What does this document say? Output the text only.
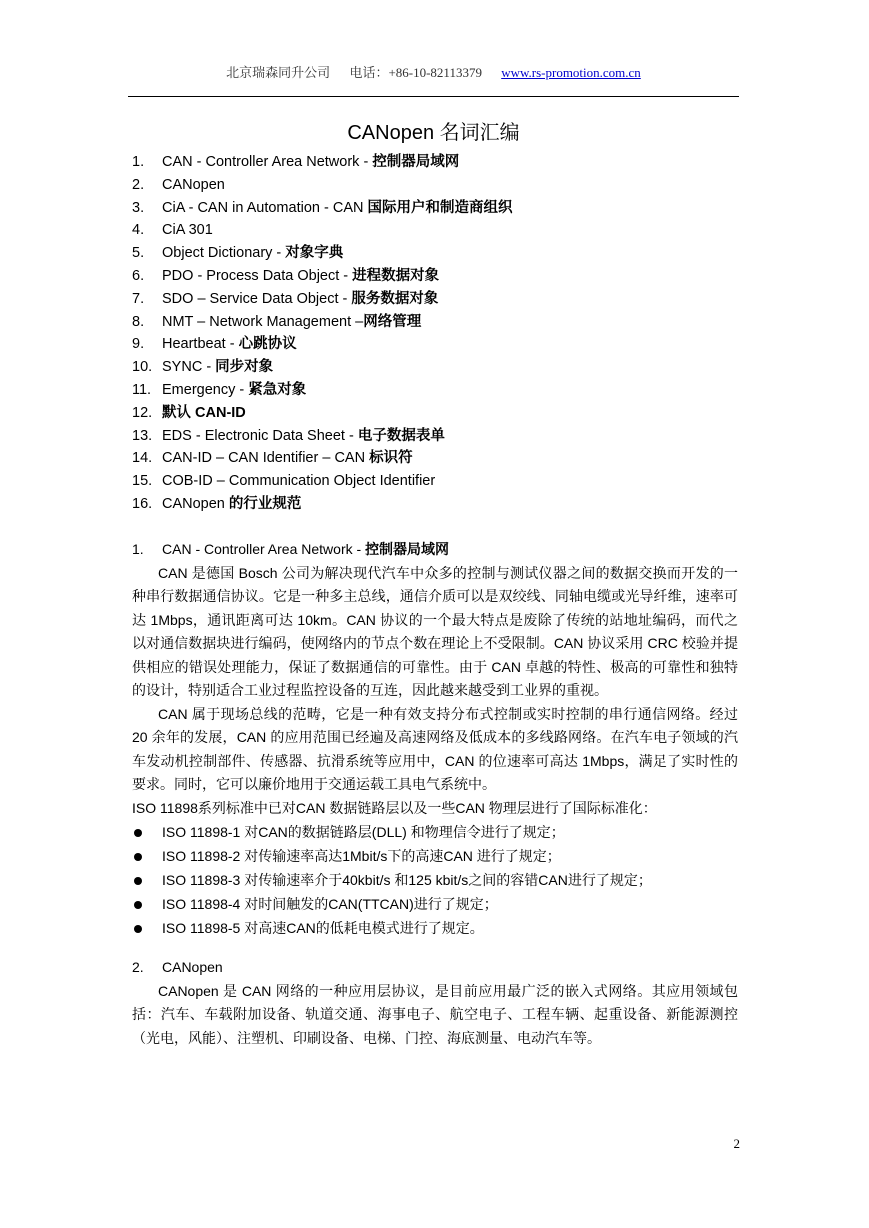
北京瑞森同升公司 电话：+86-10-82113379 www.rs-promotion.com.cn
CANopen 名词汇编
1. CAN - Controller Area Network - 控制器局域网
2. CANopen
3. CiA - CAN in Automation - CAN 国际用户和制造商组织
4. CiA 301
5. Object Dictionary - 对象字典
6. PDO - Process Data Object - 进程数据对象
7. SDO – Service Data Object - 服务数据对象
8. NMT – Network Management –网络管理
9. Heartbeat - 心跳协议
10. SYNC - 同步对象
11. Emergency - 紧急对象
12. 默认 CAN-ID
13. EDS - Electronic Data Sheet - 电子数据表单
14. CAN-ID – CAN Identifier – CAN 标识符
15. COB-ID – Communication Object Identifier
16. CANopen 的行业规范
1. CAN - Controller Area Network - 控制器局域网

CAN 是德国 Bosch 公司为解决现代汽车中众多的控制与测试仪器之间的数据交换而开发的一种串行数据通信协议。它是一种多主总线，通信介质可以是双绞线、同轴电缆或光导纤维，速率可达 1Mbps，通讯距离可达 10km。CAN 协议的一个最大特点是废除了传统的站地址编码，而代之以对通信数据块进行编码，使网络内的节点个数在理论上不受限制。CAN 协议采用 CRC 校验并提供相应的错误处理能力，保证了数据通信的可靠性。由于 CAN 卓越的特性、极高的可靠性和独特的设计，特别适合工业过程监控设备的互连，因此越来越受到工业界的重视。

CAN 属于现场总线的范畴，它是一种有效支持分布式控制或实时控制的串行通信网络。经过 20 余年的发展，CAN 的应用范围已经遍及高速网络及低成本的多线路网络。在汽车电子领域的汽车发动机控制部件、传感器、抗滑系统等应用中，CAN 的位速率可高达 1Mbps，满足了实时性的要求。同时，它可以廉价地用于交通运载工具电气系统中。

ISO 11898系列标准中已对CAN 数据链路层以及一些CAN 物理层进行了国际标准化：

ISO 11898-1 对CAN的数据链路层(DLL) 和物理信令进行了规定；
ISO 11898-2 对传输速率高达1Mbit/s下的高速CAN 进行了规定；
ISO 11898-3 对传输速率介于40kbit/s 和125 kbit/s之间的容错CAN进行了规定；
ISO 11898-4 对时间触发的CAN(TTCAN)进行了规定；
ISO 11898-5 对高速CAN的低耗电模式进行了规定。
2. CANopen

CANopen 是 CAN 网络的一种应用层协议，是目前应用最广泛的嵌入式网络。其应用领域包括：汽车、车载附加设备、轨道交通、海事电子、航空电子、工程车辆、起重设备、新能源测控（光电，风能）、注塑机、印刷设备、电梯、门控、海底测量、电动汽车等。

2
